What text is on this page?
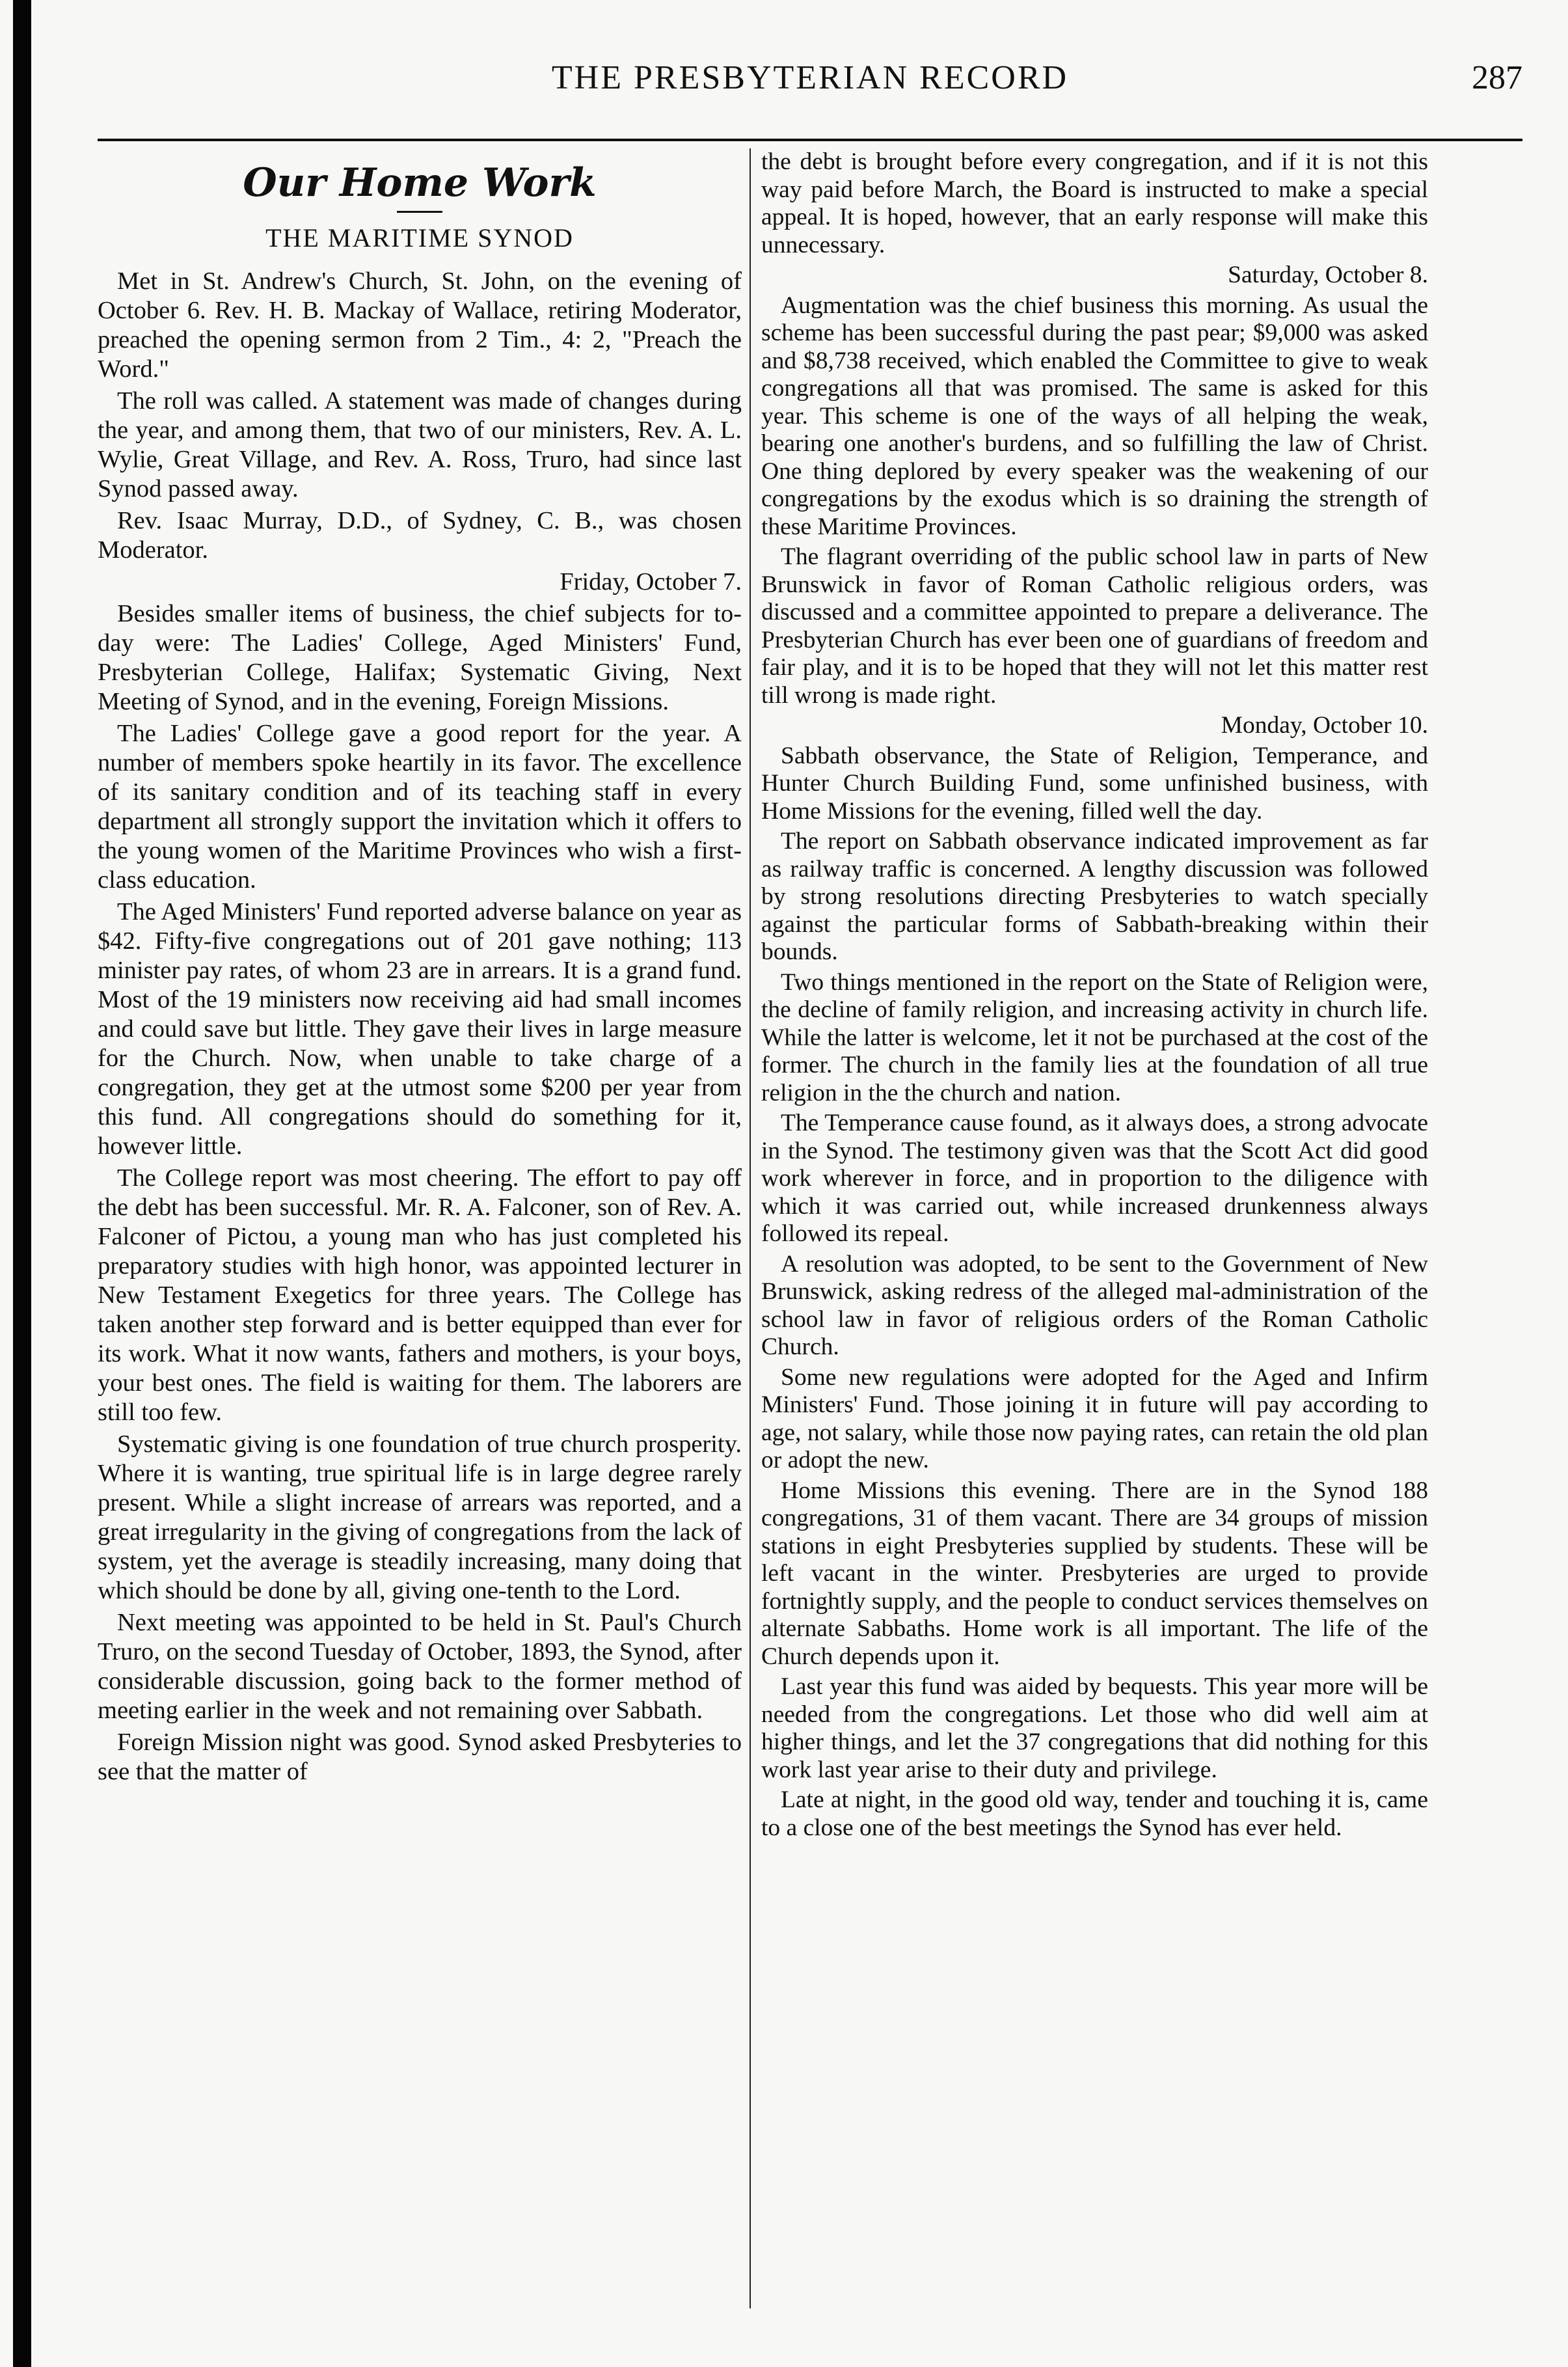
THE PRESBYTERIAN RECORD	287
Our Home Work
THE MARITIME SYNOD

Met in St. Andrew's Church, St. John, on the evening of October 6. Rev. H. B. Mackay of Wallace, retiring Moderator, preached the opening sermon from 2 Tim., 4: 2, "Preach the Word."

The roll was called. A statement was made of changes during the year, and among them, that two of our ministers, Rev. A. L. Wylie, Great Village, and Rev. A. Ross, Truro, had since last Synod passed away.

Rev. Isaac Murray, D.D., of Sydney, C. B., was chosen Moderator.

Friday, October 7.

Besides smaller items of business, the chief subjects for to-day were: The Ladies' College, Aged Ministers' Fund, Presbyterian College, Halifax; Systematic Giving, Next Meeting of Synod, and in the evening, Foreign Missions.

The Ladies' College gave a good report for the year. A number of members spoke heartily in its favor. The excellence of its sanitary condition and of its teaching staff in every department all strongly support the invitation which it offers to the young women of the Maritime Provinces who wish a first-class education.

The Aged Ministers' Fund reported adverse balance on year as $42. Fifty-five congregations out of 201 gave nothing; 113 minister pay rates, of whom 23 are in arrears. It is a grand fund. Most of the 19 ministers now receiving aid had small incomes and could save but little. They gave their lives in large measure for the Church. Now, when unable to take charge of a congregation, they get at the utmost some $200 per year from this fund. All congregations should do something for it, however little.

The College report was most cheering. The effort to pay off the debt has been successful. Mr. R. A. Falconer, son of Rev. A. Falconer of Pictou, a young man who has just completed his preparatory studies with high honor, was appointed lecturer in New Testament Exegetics for three years. The College has taken another step forward and is better equipped than ever for its work. What it now wants, fathers and mothers, is your boys, your best ones. The field is waiting for them. The laborers are still too few.

Systematic giving is one foundation of true church prosperity. Where it is wanting, true spiritual life is in large degree rarely present. While a slight increase of arrears was reported, and a great irregularity in the giving of congregations from the lack of system, yet the average is steadily increasing, many doing that which should be done by all, giving one-tenth to the Lord.

Next meeting was appointed to be held in St. Paul's Church Truro, on the second Tuesday of October, 1893, the Synod, after considerable discussion, going back to the former method of meeting earlier in the week and not remaining over Sabbath.

Foreign Mission night was good. Synod asked Presbyteries to see that the matter of

the debt is brought before every congregation, and if it is not this way paid before March, the Board is instructed to make a special appeal. It is hoped, however, that an early response will make this unnecessary.

Saturday, October 8.

Augmentation was the chief business this morning. As usual the scheme has been successful during the past pear; $9,000 was asked and $8,738 received, which enabled the Committee to give to weak congregations all that was promised. The same is asked for this year. This scheme is one of the ways of all helping the weak, bearing one another's burdens, and so fulfilling the law of Christ. One thing deplored by every speaker was the weakening of our congregations by the exodus which is so draining the strength of these Maritime Provinces.

The flagrant overriding of the public school law in parts of New Brunswick in favor of Roman Catholic religious orders, was discussed and a committee appointed to prepare a deliverance. The Presbyterian Church has ever been one of guardians of freedom and fair play, and it is to be hoped that they will not let this matter rest till wrong is made right.

Monday, October 10.

Sabbath observance, the State of Religion, Temperance, and Hunter Church Building Fund, some unfinished business, with Home Missions for the evening, filled well the day.

The report on Sabbath observance indicated improvement as far as railway traffic is concerned. A lengthy discussion was followed by strong resolutions directing Presbyteries to watch specially against the particular forms of Sabbath-breaking within their bounds.

Two things mentioned in the report on the State of Religion were, the decline of family religion, and increasing activity in church life. While the latter is welcome, let it not be purchased at the cost of the former. The church in the family lies at the foundation of all true religion in the the church and nation.

The Temperance cause found, as it always does, a strong advocate in the Synod. The testimony given was that the Scott Act did good work wherever in force, and in proportion to the diligence with which it was carried out, while increased drunkenness always followed its repeal.

A resolution was adopted, to be sent to the Government of New Brunswick, asking redress of the alleged mal-administration of the school law in favor of religious orders of the Roman Catholic Church.

Some new regulations were adopted for the Aged and Infirm Ministers' Fund. Those joining it in future will pay according to age, not salary, while those now paying rates, can retain the old plan or adopt the new.

Home Missions this evening. There are in the Synod 188 congregations, 31 of them vacant. There are 34 groups of mission stations in eight Presbyteries supplied by students. These will be left vacant in the winter. Presbyteries are urged to provide fortnightly supply, and the people to conduct services themselves on alternate Sabbaths. Home work is all important. The life of the Church depends upon it.

Last year this fund was aided by bequests. This year more will be needed from the congregations. Let those who did well aim at higher things, and let the 37 congregations that did nothing for this work last year arise to their duty and privilege.

Late at night, in the good old way, tender and touching it is, came to a close one of the best meetings the Synod has ever held.
